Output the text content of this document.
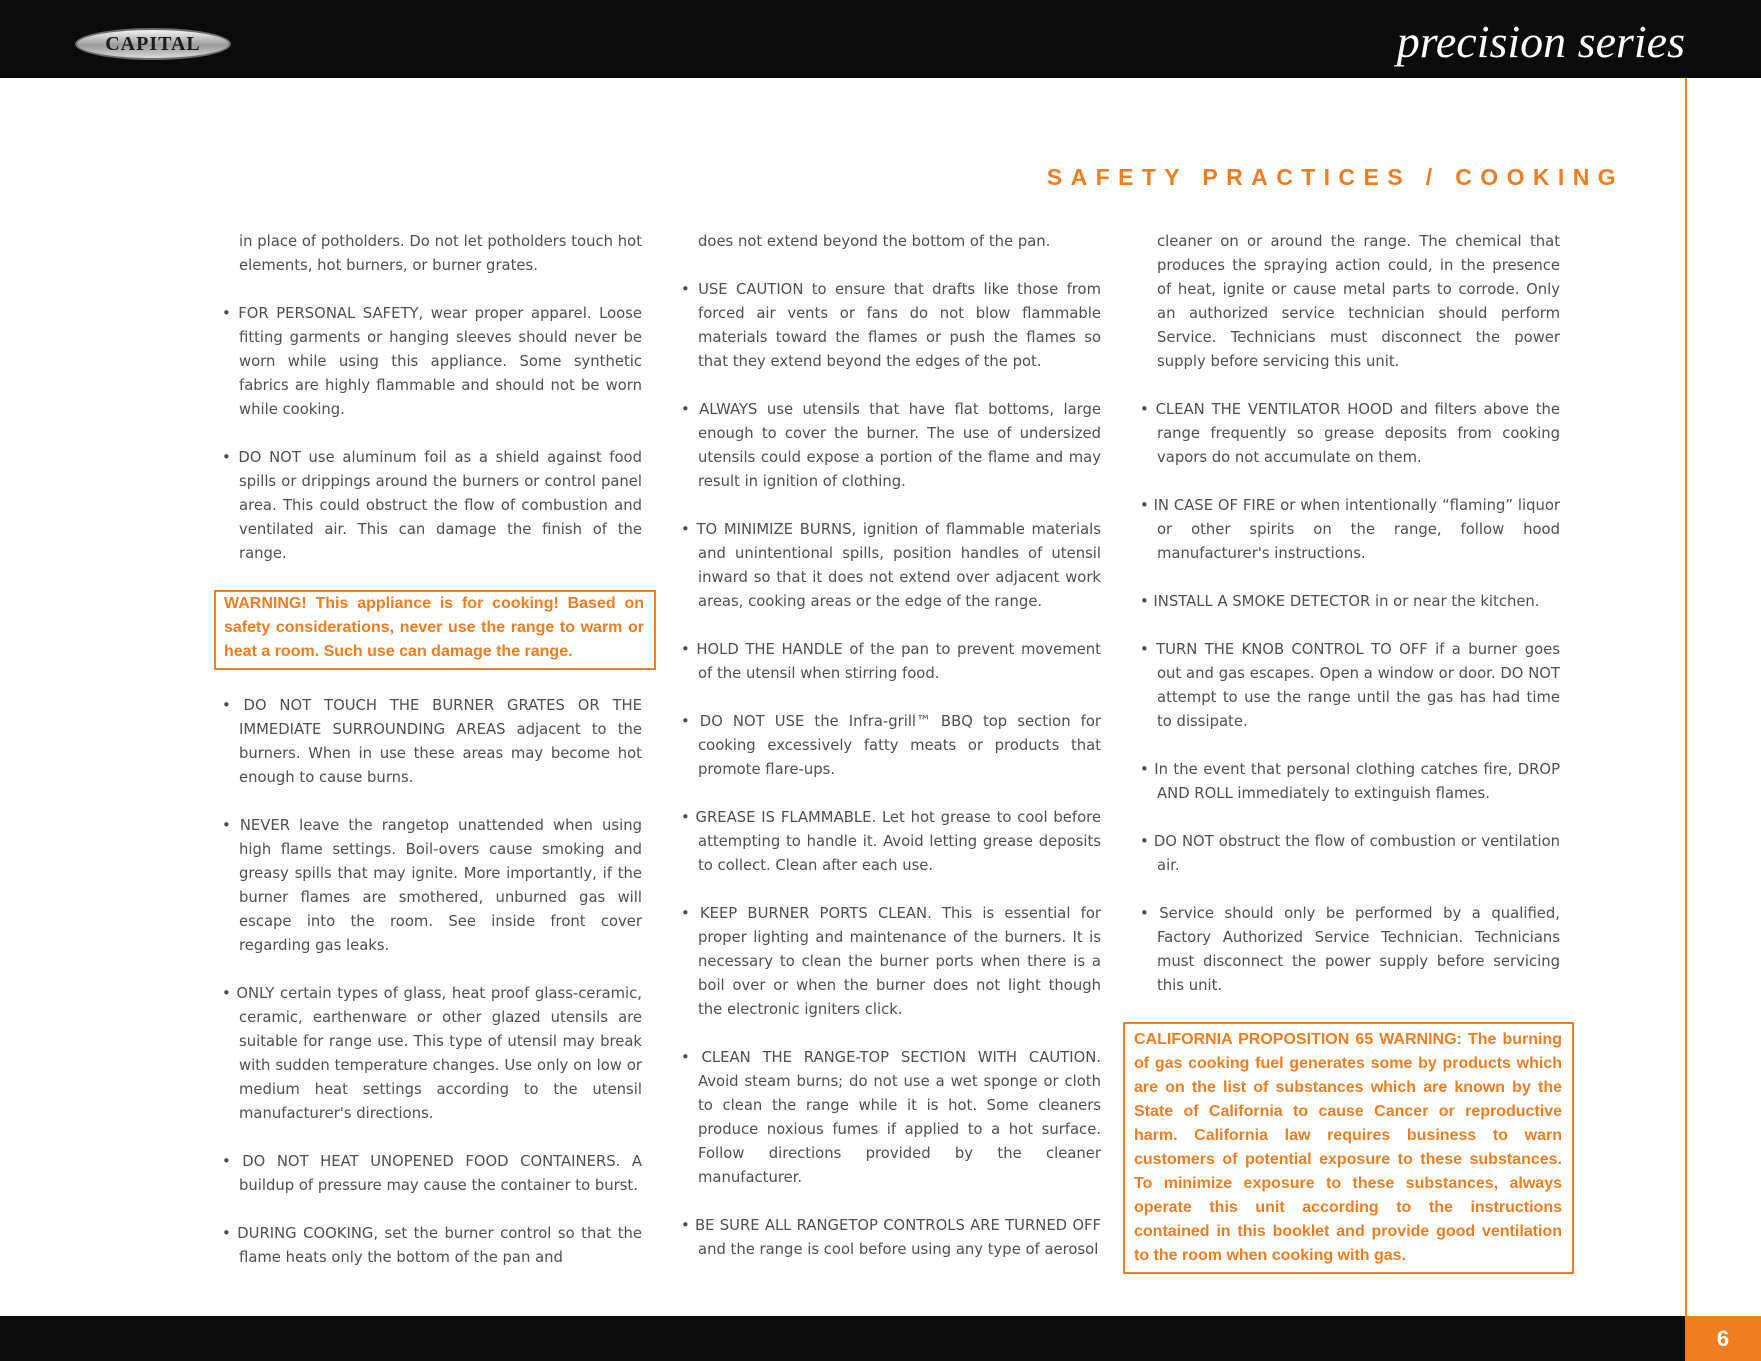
CAPITAL	precision series
SAFETY PRACTICES / COOKING

in place of potholders. Do not let potholders touch hot elements, hot burners, or burner grates.

• FOR PERSONAL SAFETY, wear proper apparel. Loose fitting garments or hanging sleeves should never be worn while using this appliance. Some synthetic fabrics are highly flammable and should not be worn while cooking.

• DO NOT use aluminum foil as a shield against food spills or drippings around the burners or control panel area. This could obstruct the flow of combustion and ventilated air. This can damage the finish of the range.

WARNING! This appliance is for cooking! Based on safety considerations, never use the range to warm or heat a room. Such use can damage the range.

• DO NOT TOUCH THE BURNER GRATES OR THE IMMEDIATE SURROUNDING AREAS adjacent to the burners. When in use these areas may become hot enough to cause burns.

• NEVER leave the rangetop unattended when using high flame settings. Boil-overs cause smoking and greasy spills that may ignite. More importantly, if the burner flames are smothered, unburned gas will escape into the room. See inside front cover regarding gas leaks.

• ONLY certain types of glass, heat proof glass-ceramic, ceramic, earthenware or other glazed utensils are suitable for range use. This type of utensil may break with sudden temperature changes. Use only on low or medium heat settings according to the utensil manufacturer's directions.

• DO NOT HEAT UNOPENED FOOD CONTAINERS. A buildup of pressure may cause the container to burst.

• DURING COOKING, set the burner control so that the flame heats only the bottom of the pan and

does not extend beyond the bottom of the pan.

• USE CAUTION to ensure that drafts like those from forced air vents or fans do not blow flammable materials toward the flames or push the flames so that they extend beyond the edges of the pot.

• ALWAYS use utensils that have flat bottoms, large enough to cover the burner. The use of undersized utensils could expose a portion of the flame and may result in ignition of clothing.

• TO MINIMIZE BURNS, ignition of flammable materials and unintentional spills, position handles of utensil inward so that it does not extend over adjacent work areas, cooking areas or the edge of the range.

• HOLD THE HANDLE of the pan to prevent movement of the utensil when stirring food.

• DO NOT USE the Infra-grill™ BBQ top section for cooking excessively fatty meats or products that promote flare-ups.

• GREASE IS FLAMMABLE. Let hot grease to cool before attempting to handle it. Avoid letting grease deposits to collect. Clean after each use.

• KEEP BURNER PORTS CLEAN. This is essential for proper lighting and maintenance of the burners. It is necessary to clean the burner ports when there is a boil over or when the burner does not light though the electronic igniters click.

• CLEAN THE RANGE-TOP SECTION WITH CAUTION. Avoid steam burns; do not use a wet sponge or cloth to clean the range while it is hot. Some cleaners produce noxious fumes if applied to a hot surface. Follow directions provided by the cleaner manufacturer.

• BE SURE ALL RANGETOP CONTROLS ARE TURNED OFF and the range is cool before using any type of aerosol

cleaner on or around the range. The chemical that produces the spraying action could, in the presence of heat, ignite or cause metal parts to corrode. Only an authorized service technician should perform Service. Technicians must disconnect the power supply before servicing this unit.

• CLEAN THE VENTILATOR HOOD and filters above the range frequently so grease deposits from cooking vapors do not accumulate on them.

• IN CASE OF FIRE or when intentionally “flaming” liquor or other spirits on the range, follow hood manufacturer's instructions.

• INSTALL A SMOKE DETECTOR in or near the kitchen.

• TURN THE KNOB CONTROL TO OFF if a burner goes out and gas escapes. Open a window or door. DO NOT attempt to use the range until the gas has had time to dissipate.

• In the event that personal clothing catches fire, DROP AND ROLL immediately to extinguish flames.

• DO NOT obstruct the flow of combustion or ventilation air.

• Service should only be performed by a qualified, Factory Authorized Service Technician. Technicians must disconnect the power supply before servicing this unit.

CALIFORNIA PROPOSITION 65 WARNING: The burning of gas cooking fuel generates some by products which are on the list of substances which are known by the State of California to cause Cancer or reproductive harm. California law requires business to warn customers of potential exposure to these substances. To minimize exposure to these substances, always operate this unit according to the instructions contained in this booklet and provide good ventilation to the room when cooking with gas.
6
